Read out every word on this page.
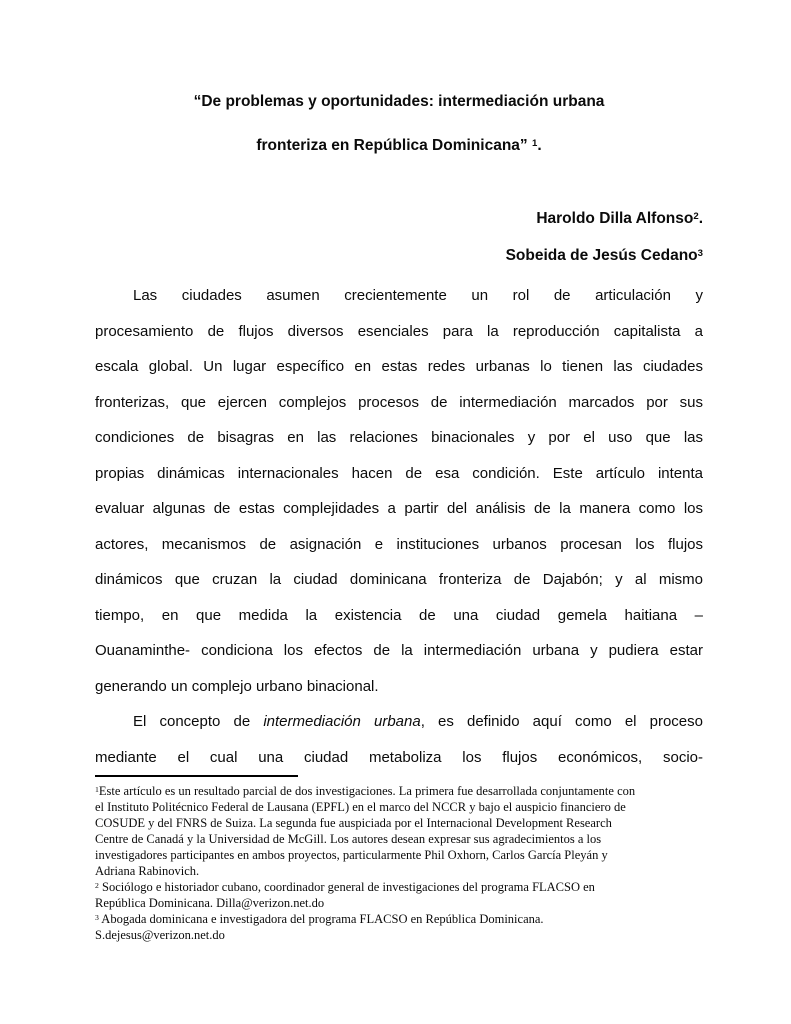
“De problemas y oportunidades: intermediación urbana
fronteriza en República Dominicana” $^1$.
Haroldo Dilla Alfonso$^2$.
Sobeida de Jesús Cedano$^3$
Las ciudades asumen crecientemente un rol de articulación y
procesamiento de flujos diversos esenciales para la reproducción capitalista a
escala global. Un lugar específico en estas redes urbanas lo tienen las ciudades
fronterizas, que ejercen complejos procesos de intermediación marcados por sus
condiciones de bisagras en las relaciones binacionales y por el uso que las
propias dinámicas internacionales hacen de esa condición. Este artículo intenta
evaluar algunas de estas complejidades a partir del análisis de la manera como los
actores, mecanismos de asignación e instituciones urbanos procesan los flujos
dinámicos que cruzan la ciudad dominicana fronteriza de Dajabón; y al mismo
tiempo, en que medida la existencia de una ciudad gemela haitiana –
Ouanaminthe- condiciona los efectos de la intermediación urbana y pudiera estar
generando un complejo urbano binacional.
El concepto de intermediación urbana, es definido aquí como el proceso
mediante el cual una ciudad metaboliza los flujos económicos, socio-
$^1$Este artículo es un resultado parcial de dos investigaciones. La primera fue desarrollada conjuntamente con
el Instituto Politécnico Federal de Lausana (EPFL) en el marco del NCCR y bajo el auspicio financiero de
COSUDE y del FNRS de Suiza. La segunda fue auspiciada por el Internacional Development Research
Centre de Canadá y la Universidad de McGill. Los autores desean expresar sus agradecimientos a los
investigadores participantes en ambos proyectos, particularmente Phil Oxhorn, Carlos García Pleyán y
Adriana Rabinovich.
$^2$ Sociólogo e historiador cubano, coordinador general de investigaciones del programa FLACSO en
República Dominicana. Dilla@verizon.net.do
$^3$ Abogada dominicana e investigadora del programa FLACSO en República Dominicana.
S.dejesus@verizon.net.do
